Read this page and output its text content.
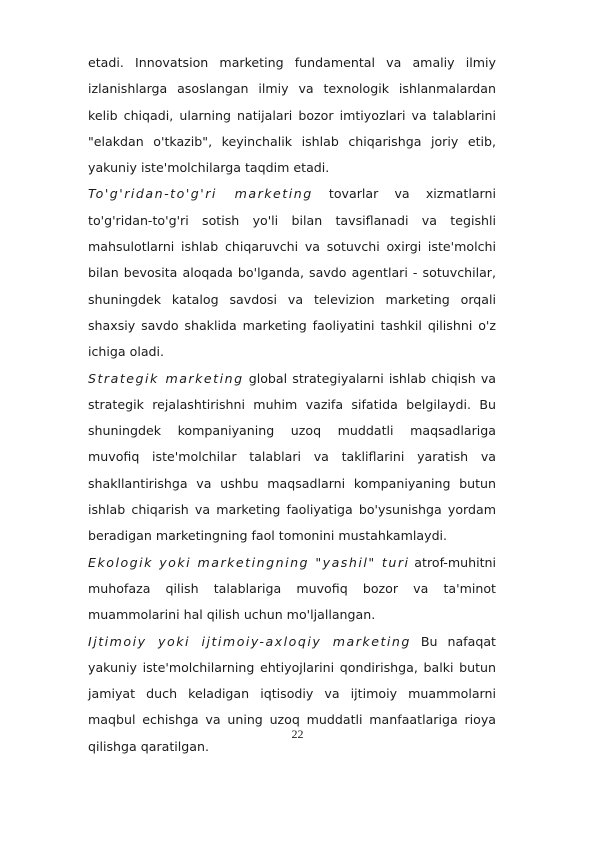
etadi. Innovatsion marketing fundamental va amaliy ilmiy izlanishlarga asoslangan ilmiy va texnologik ishlanmalardan kelib chiqadi, ularning natijalari bozor imtiyozlari va talablarini "elakdan o'tkazib", keyinchalik ishlab chiqarishga joriy etib, yakuniy iste'molchilarga taqdim etadi.

To'g'ridan-to'g'ri marketing tovarlar va xizmatlarni to'g'ridan-to'g'ri sotish yo'li bilan tavsiflanadi va tegishli mahsulotlarni ishlab chiqaruvchi va sotuvchi oxirgi iste'molchi bilan bevosita aloqada bo'lganda, savdo agentlari - sotuvchilar, shuningdek katalog savdosi va televizion marketing orqali shaxsiy savdo shaklida marketing faoliyatini tashkil qilishni o'z ichiga oladi.

Strategik marketing global strategiyalarni ishlab chiqish va strategik rejalashtirishni muhim vazifa sifatida belgilaydi. Bu shuningdek kompaniyaning uzoq muddatli maqsadlariga muvofiq iste'molchilar talablari va takliflarini yaratish va shakllantirishga va ushbu maqsadlarni kompaniyaning butun ishlab chiqarish va marketing faoliyatiga bo'ysunishga yordam beradigan marketingning faol tomonini mustahkamlaydi.

Ekologik yoki marketingning "yashil" turi atrof-muhitni muhofaza qilish talablariga muvofiq bozor va ta'minot muammolarini hal qilish uchun mo'ljallangan.

Ijtimoiy yoki ijtimoiy-axloqiy marketing Bu nafaqat yakuniy iste'molchilarning ehtiyojlarini qondirishga, balki butun jamiyat duch keladigan iqtisodiy va ijtimoiy muammolarni maqbul echishga va uning uzoq muddatli manfaatlariga rioya qilishga qaratilgan.

22
